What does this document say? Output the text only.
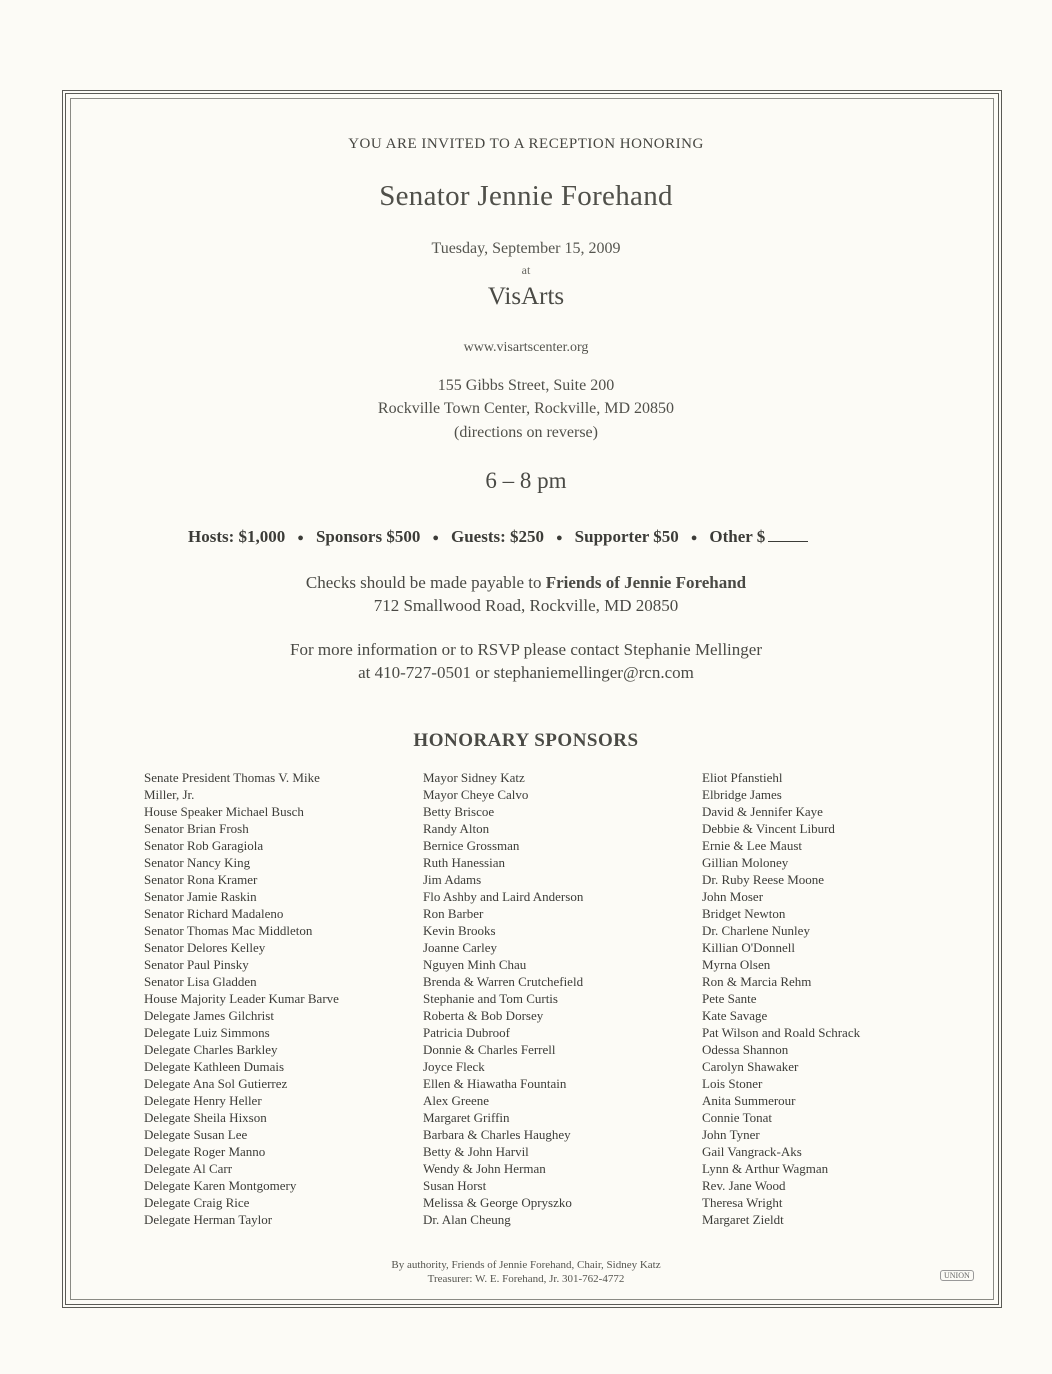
YOU ARE INVITED TO A RECEPTION HONORING
Senator Jennie Forehand
Tuesday, September 15, 2009
at
VisArts
www.visartscenter.org
155 Gibbs Street, Suite 200
Rockville Town Center, Rockville, MD 20850
(directions on reverse)
6 – 8 pm
Hosts: $1,000 ● Sponsors $500 ● Guests: $250 ● Supporter $50 ● Other $
Checks should be made payable to Friends of Jennie Forehand
712 Smallwood Road, Rockville, MD 20850
For more information or to RSVP please contact Stephanie Mellinger
at 410-727-0501 or stephaniemellinger@rcn.com
HONORARY SPONSORS
Senate President Thomas V. Mike
Miller, Jr.
House Speaker Michael Busch
Senator Brian Frosh
Senator Rob Garagiola
Senator Nancy King
Senator Rona Kramer
Senator Jamie Raskin
Senator Richard Madaleno
Senator Thomas Mac Middleton
Senator Delores Kelley
Senator Paul Pinsky
Senator Lisa Gladden
House Majority Leader Kumar Barve
Delegate James Gilchrist
Delegate Luiz Simmons
Delegate Charles Barkley
Delegate Kathleen Dumais
Delegate Ana Sol Gutierrez
Delegate Henry Heller
Delegate Sheila Hixson
Delegate Susan Lee
Delegate Roger Manno
Delegate Al Carr
Delegate Karen Montgomery
Delegate Craig Rice
Delegate Herman Taylor
Mayor Sidney Katz
Mayor Cheye Calvo
Betty Briscoe
Randy Alton
Bernice Grossman
Ruth Hanessian
Jim Adams
Flo Ashby and Laird Anderson
Ron Barber
Kevin Brooks
Joanne Carley
Nguyen Minh Chau
Brenda & Warren Crutchefield
Stephanie and Tom Curtis
Roberta & Bob Dorsey
Patricia Dubroof
Donnie & Charles Ferrell
Joyce Fleck
Ellen & Hiawatha Fountain
Alex Greene
Margaret Griffin
Barbara & Charles Haughey
Betty & John Harvil
Wendy & John Herman
Susan Horst
Melissa & George Opryszko
Dr. Alan Cheung
Eliot Pfanstiehl
Elbridge James
David & Jennifer Kaye
Debbie & Vincent Liburd
Ernie & Lee Maust
Gillian Moloney
Dr. Ruby Reese Moone
John Moser
Bridget Newton
Dr. Charlene Nunley
Killian O'Donnell
Myrna Olsen
Ron & Marcia Rehm
Pete Sante
Kate Savage
Pat Wilson and Roald Schrack
Odessa Shannon
Carolyn Shawaker
Lois Stoner
Anita Summerour
Connie Tonat
John Tyner
Gail Vangrack-Aks
Lynn & Arthur Wagman
Rev. Jane Wood
Theresa Wright
Margaret Zieldt
By authority, Friends of Jennie Forehand, Chair, Sidney Katz
Treasurer: W. E. Forehand, Jr. 301-762-4772	UNION
